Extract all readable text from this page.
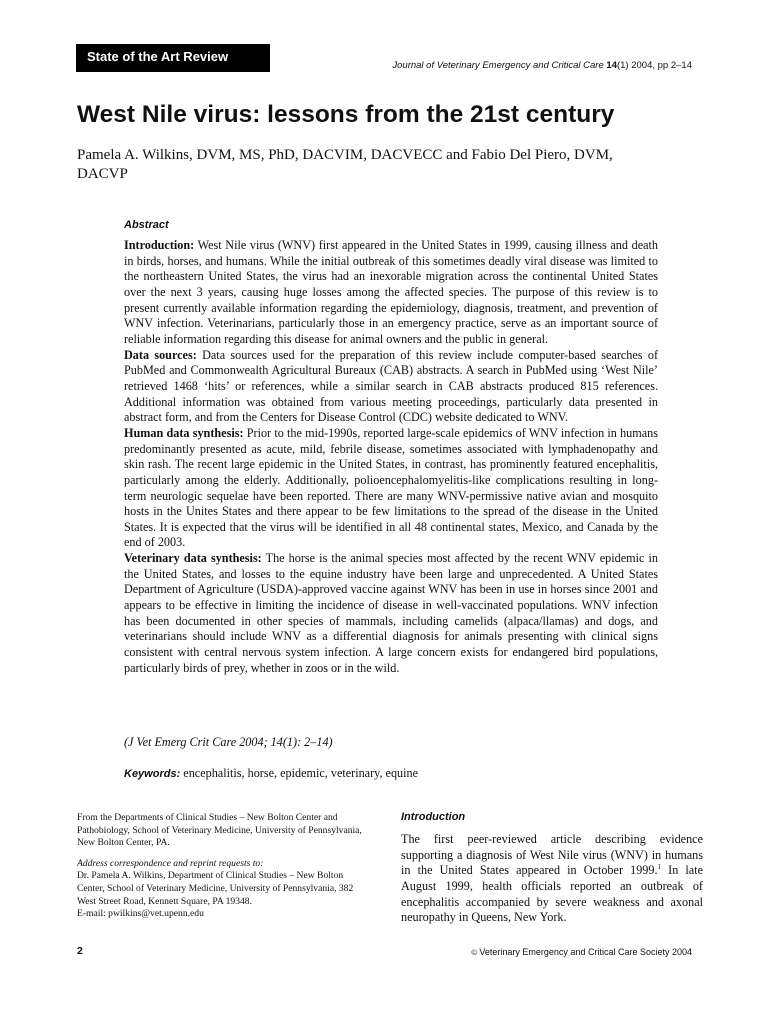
State of the Art Review
Journal of Veterinary Emergency and Critical Care 14(1) 2004, pp 2–14
West Nile virus: lessons from the 21st century
Pamela A. Wilkins, DVM, MS, PhD, DACVIM, DACVECC and Fabio Del Piero, DVM, DACVP
Abstract

Introduction: West Nile virus (WNV) first appeared in the United States in 1999, causing illness and death in birds, horses, and humans. While the initial outbreak of this sometimes deadly viral disease was limited to the northeastern United States, the virus had an inexorable migration across the continental United States over the next 3 years, causing huge losses among the affected species. The purpose of this review is to present currently available information regarding the epidemiology, diagnosis, treatment, and prevention of WNV infection. Veterinarians, particularly those in an emergency practice, serve as an important source of reliable information regarding this disease for animal owners and the public in general.

Data sources: Data sources used for the preparation of this review include computer-based searches of PubMed and Commonwealth Agricultural Bureaux (CAB) abstracts. A search in PubMed using ‘West Nile’ retrieved 1468 ‘hits’ or references, while a similar search in CAB abstracts produced 815 references. Additional information was obtained from various meeting proceedings, particularly data presented in abstract form, and from the Centers for Disease Control (CDC) website dedicated to WNV.

Human data synthesis: Prior to the mid-1990s, reported large-scale epidemics of WNV infection in humans predominantly presented as acute, mild, febrile disease, sometimes associated with lymphadenopathy and skin rash. The recent large epidemic in the United States, in contrast, has prominently featured encephalitis, particularly among the elderly. Additionally, polioencephalomyelitis-like complications resulting in long-term neurologic sequelae have been reported. There are many WNV-permissive native avian and mosquito hosts in the Unites States and there appear to be few limitations to the spread of the disease in the United States. It is expected that the virus will be identified in all 48 continental states, Mexico, and Canada by the end of 2003.

Veterinary data synthesis: The horse is the animal species most affected by the recent WNV epidemic in the United States, and losses to the equine industry have been large and unprecedented. A United States Department of Agriculture (USDA)-approved vaccine against WNV has been in use in horses since 2001 and appears to be effective in limiting the incidence of disease in well-vaccinated populations. WNV infection has been documented in other species of mammals, including camelids (alpaca/llamas) and dogs, and veterinarians should include WNV as a differential diagnosis for animals presenting with clinical signs consistent with central nervous system infection. A large concern exists for endangered bird populations, particularly birds of prey, whether in zoos or in the wild.

(J Vet Emerg Crit Care 2004; 14(1): 2–14)
Keywords: encephalitis, horse, epidemic, veterinary, equine

From the Departments of Clinical Studies – New Bolton Center and Pathobiology, School of Veterinary Medicine, University of Pennsylvania, New Bolton Center, PA.

Address correspondence and reprint requests to:

Dr. Pamela A. Wilkins, Department of Clinical Studies – New Bolton Center, School of Veterinary Medicine, University of Pennsylvania, 382 West Street Road, Kennett Square, PA 19348.

E-mail: pwilkins@vet.upenn.edu

Introduction

The first peer-reviewed article describing evidence supporting a diagnosis of West Nile virus (WNV) in humans in the United States appeared in October 1999.$^1$ In late August 1999, health officials reported an outbreak of encephalitis accompanied by severe weakness and axonal neuropathy in Queens, New York.

2	© Veterinary Emergency and Critical Care Society 2004
